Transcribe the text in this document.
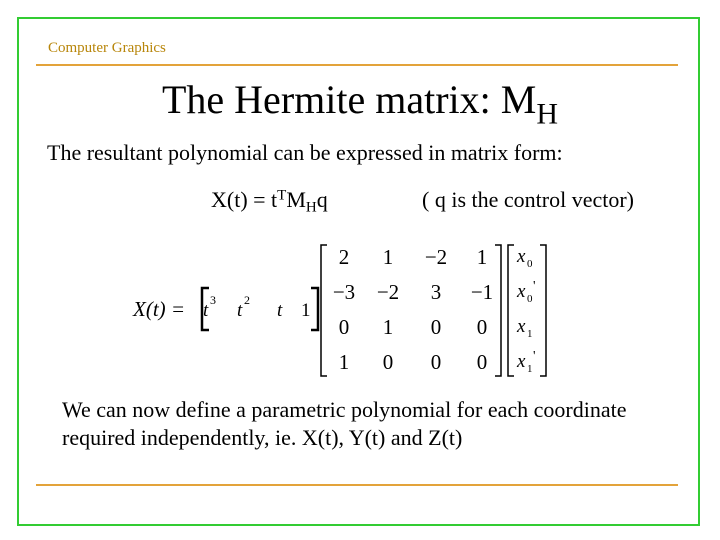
Computer Graphics
The Hermite matrix: $M_H$
The resultant polynomial can be expressed in matrix form:
$X(t) = t^TM_Hq$	( q is the control vector)
X(t) = t 3 t 2 t 1
2 1 −2 1
−3 −2 3 −1
0 1 0 0
1 0 0 0
x 0
x 0
'
x 1
x 1
'
We can now define a parametric polynomial for each coordinate required independently, ie. X(t), Y(t) and Z(t)
